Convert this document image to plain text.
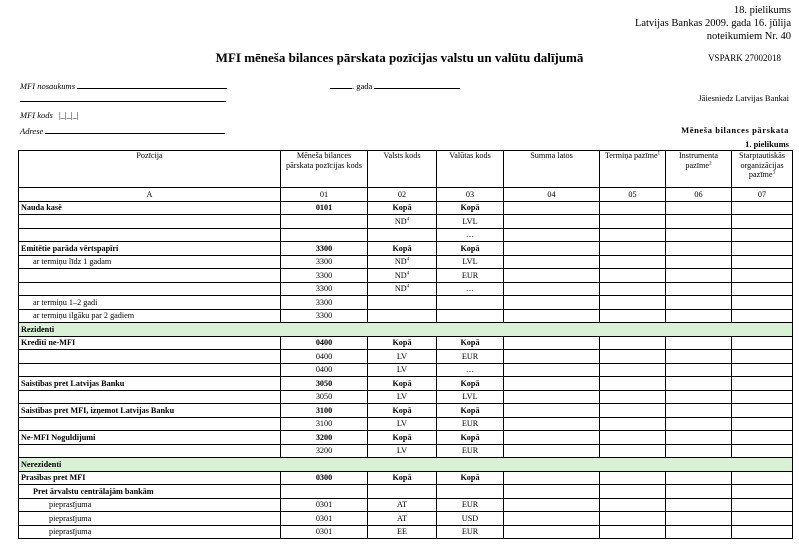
18. pielikums
Latvijas Bankas 2009. gada 16. jūlija
noteikumiem Nr. 40
MFI mēneša bilances pārskata pozīcijas valstu un valūtu dalījumā	VSPARK 27002018
MFI nosaukums	. gada
Jāiesniedz Latvijas Bankai
MFI kods |_|_|_|
Adrese	Mēneša bilances pārskata
1. pielikums
Pozīcija	Mēneša bilances pārskata pozīcijas kods	Valsts kods	Valūtas kods	Summa latos	Termiņa pazīme$^1$	Instrumenta pazīme$^2$	Starptautiskās organizācijas pazīme$^3$
A	01	02	03	04	05	06	07
Nauda kasē	0101	Kopā	Kopā				
		$ND^4$	LVL				
			…				
Emitētie parāda vērtspapīri	3300	Kopā	Kopā				
ar termiņu līdz 1 gadam	3300	$ND^4$	LVL				
	3300	$ND^4$	EUR				
	3300	$ND^4$	…				
ar termiņu 1–2 gadi	3300						
ar termiņu ilgāku par 2 gadiem	3300						
Rezidenti							
Kredīti ne-MFI	0400	Kopā	Kopā				
	0400	LV	EUR				
	0400	LV	…				
Saistības pret Latvijas Banku	3050	Kopā	Kopā				
	3050	LV	LVL				
Saistības pret MFI, izņemot Latvijas Banku	3100	Kopā	Kopā				
	3100	LV	EUR				
Ne-MFI Noguldījumi	3200	Kopā	Kopā				
	3200	LV	EUR				
Nerezidenti							
Prasības pret MFI	0300	Kopā	Kopā				
Pret ārvalstu centrālajām bankām							
pieprasījuma	0301	AT	EUR				
pieprasījuma	0301	AT	USD				
pieprasījuma	0301	EE	EUR				
